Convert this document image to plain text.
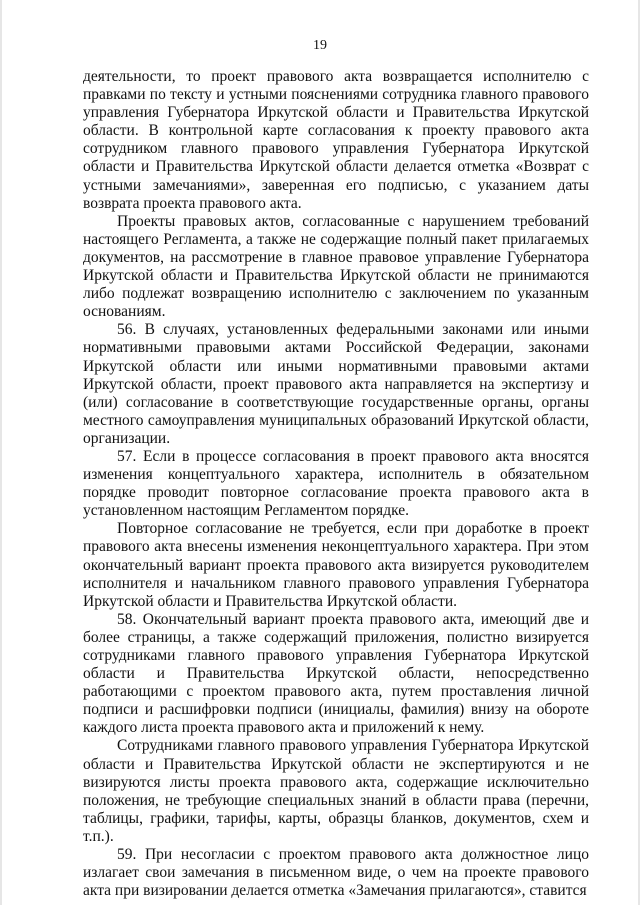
19

деятельности, то проект правового акта возвращается исполнителю с правками по тексту и устными пояснениями сотрудника главного правового управления Губернатора Иркутской области и Правительства Иркутской области. В контрольной карте согласования к проекту правового акта сотрудником главного правового управления Губернатора Иркутской области и Правительства Иркутской области делается отметка «Возврат с устными замечаниями», заверенная его подписью, с указанием даты возврата проекта правового акта.

Проекты правовых актов, согласованные с нарушением требований настоящего Регламента, а также не содержащие полный пакет прилагаемых документов, на рассмотрение в главное правовое управление Губернатора Иркутской области и Правительства Иркутской области не принимаются либо подлежат возвращению исполнителю с заключением по указанным основаниям.

56. В случаях, установленных федеральными законами или иными нормативными правовыми актами Российской Федерации, законами Иркутской области или иными нормативными правовыми актами Иркутской области, проект правового акта направляется на экспертизу и (или) согласование в соответствующие государственные органы, органы местного самоуправления муниципальных образований Иркутской области, организации.

57. Если в процессе согласования в проект правового акта вносятся изменения концептуального характера, исполнитель в обязательном порядке проводит повторное согласование проекта правового акта в установленном настоящим Регламентом порядке.

Повторное согласование не требуется, если при доработке в проект правового акта внесены изменения неконцептуального характера. При этом окончательный вариант проекта правового акта визируется руководителем исполнителя и начальником главного правового управления Губернатора Иркутской области и Правительства Иркутской области.

58. Окончательный вариант проекта правового акта, имеющий две и более страницы, а также содержащий приложения, полистно визируется сотрудниками главного правового управления Губернатора Иркутской области и Правительства Иркутской области, непосредственно работающими с проектом правового акта, путем проставления личной подписи и расшифровки подписи (инициалы, фамилия) внизу на обороте каждого листа проекта правового акта и приложений к нему.

Сотрудниками главного правового управления Губернатора Иркутской области и Правительства Иркутской области не экспертируются и не визируются листы проекта правового акта, содержащие исключительно положения, не требующие специальных знаний в области права (перечни, таблицы, графики, тарифы, карты, образцы бланков, документов, схем и т.п.).

59. При несогласии с проектом правового акта должностное лицо излагает свои замечания в письменном виде, о чем на проекте правового акта при визировании делается отметка «Замечания прилагаются», ставится
